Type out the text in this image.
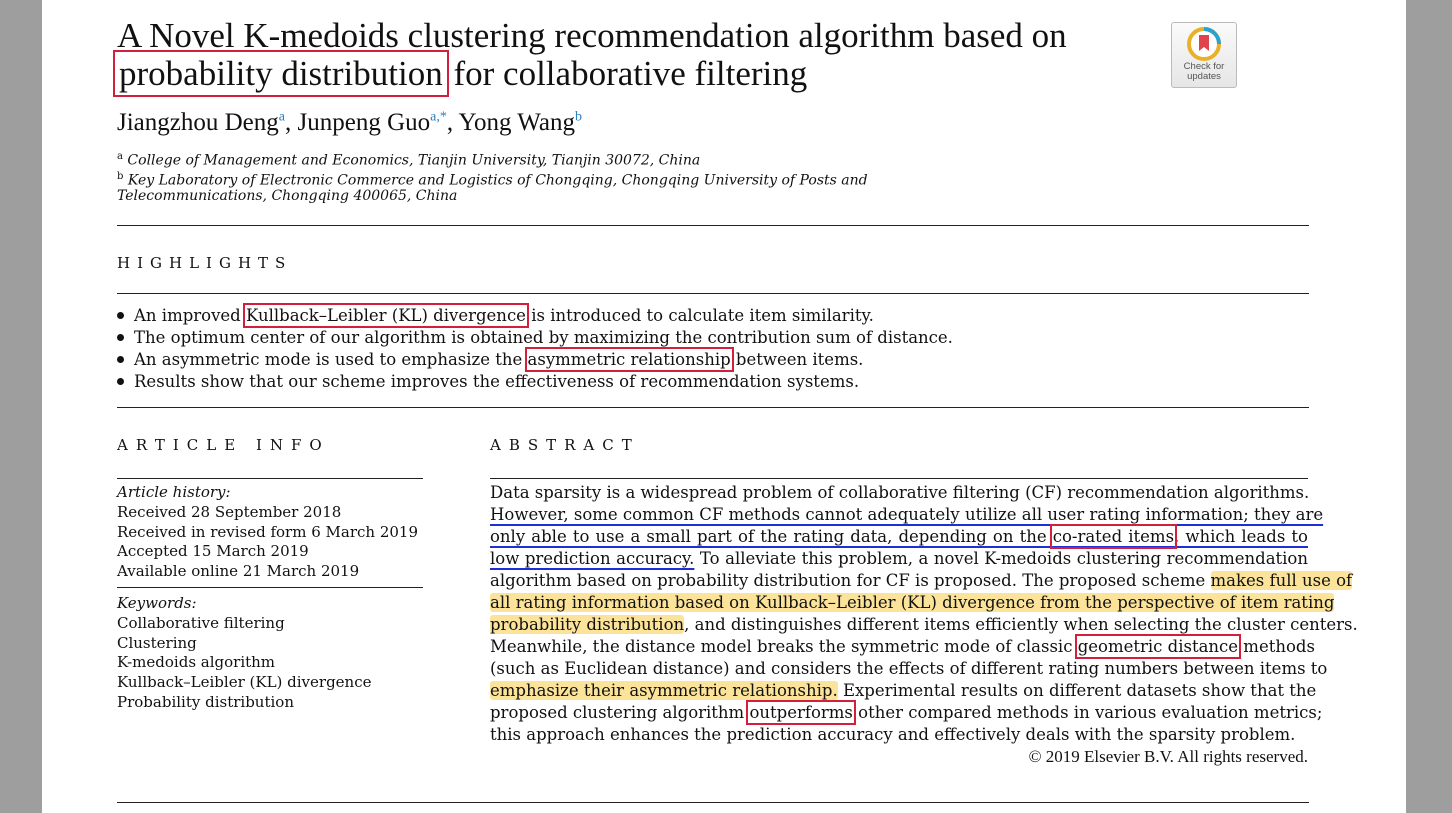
A Novel K-medoids clustering recommendation algorithm based on
probability distribution for collaborative filtering	Check for
updates
Jiangzhou Deng$^a$, Junpeng Guo$^{a,*}$, Yong Wang$^b$
$^a$ College of Management and Economics, Tianjin University, Tianjin 30072, China
$^b$ Key Laboratory of Electronic Commerce and Logistics of Chongqing, Chongqing University of Posts and
Telecommunications, Chongqing 400065, China
HIGHLIGHTS
An improved Kullback–Leibler (KL) divergence is introduced to calculate item similarity.
The optimum center of our algorithm is obtained by maximizing the contribution sum of distance.
An asymmetric mode is used to emphasize the asymmetric relationship between items.
Results show that our scheme improves the effectiveness of recommendation systems.
ARTICLE INFO
Article history:
Received 28 September 2018
Received in revised form 6 March 2019
Accepted 15 March 2019
Available online 21 March 2019
Keywords:
Collaborative filtering
Clustering
K-medoids algorithm
Kullback–Leibler (KL) divergence
Probability distribution
ABSTRACT
Data sparsity is a widespread problem of collaborative filtering (CF) recommendation algorithms.
However, some common CF methods cannot adequately utilize all user rating information; they are
only able to use a small part of the rating data, depending on the co-rated items, which leads to
low prediction accuracy. To alleviate this problem, a novel K-medoids clustering recommendation
algorithm based on probability distribution for CF is proposed. The proposed scheme makes full use of
all rating information based on Kullback–Leibler (KL) divergence from the perspective of item rating
probability distribution, and distinguishes different items efficiently when selecting the cluster centers.
Meanwhile, the distance model breaks the symmetric mode of classic geometric distance methods
(such as Euclidean distance) and considers the effects of different rating numbers between items to
emphasize their asymmetric relationship. Experimental results on different datasets show that the
proposed clustering algorithm outperforms other compared methods in various evaluation metrics;
this approach enhances the prediction accuracy and effectively deals with the sparsity problem.
© 2019 Elsevier B.V. All rights reserved.
